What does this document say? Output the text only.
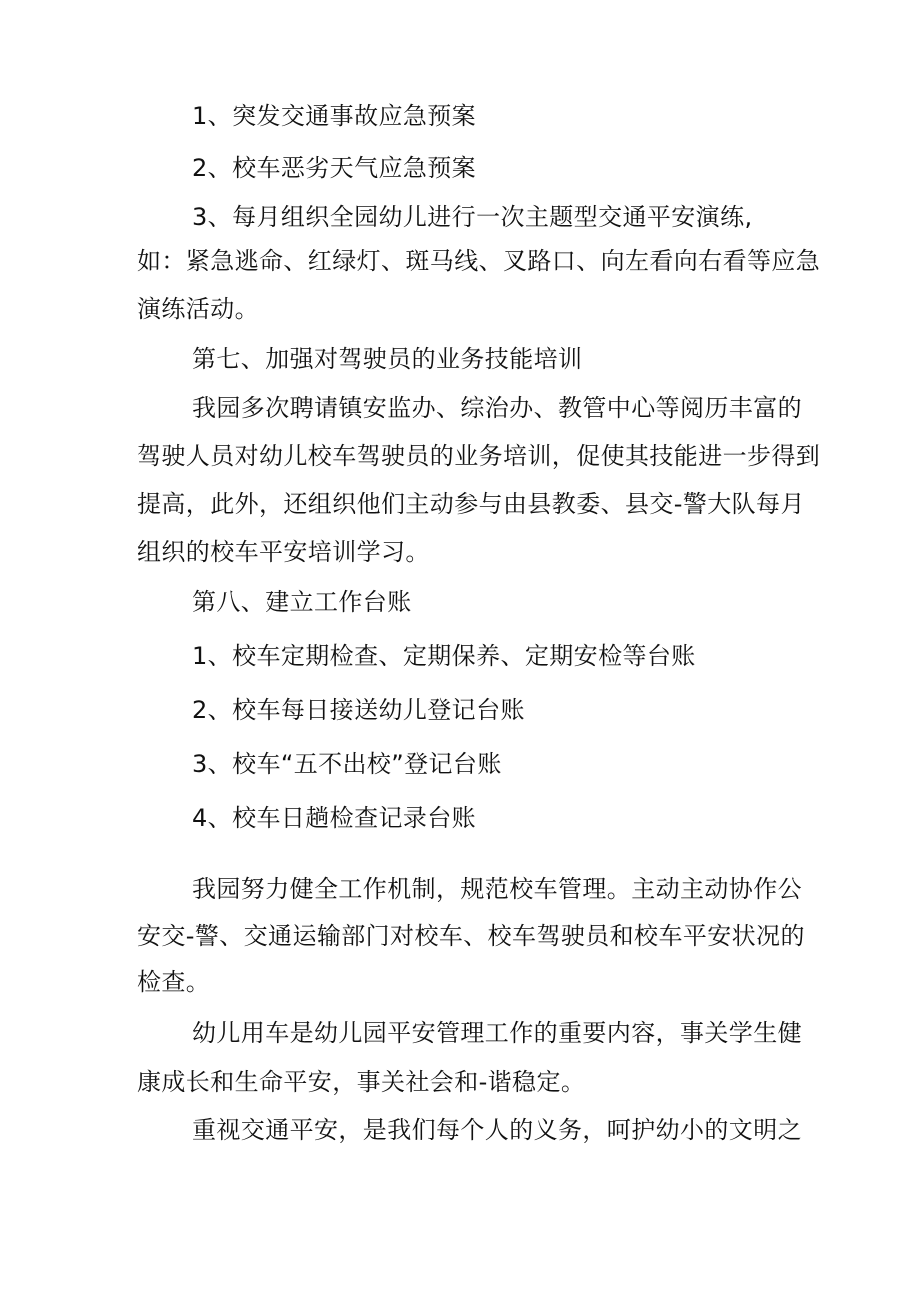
1、突发交通事故应急预案
2、校车恶劣天气应急预案
3、每月组织全园幼儿进行一次主题型交通平安演练,
如：紧急逃命、红绿灯、斑马线、叉路口、向左看向右看等应急
演练活动。
第七、加强对驾驶员的业务技能培训
我园多次聘请镇安监办、综治办、教管中心等阅历丰富的
驾驶人员对幼儿校车驾驶员的业务培训，促使其技能进一步得到
提高，此外，还组织他们主动参与由县教委、县交-警大队每月
组织的校车平安培训学习。
第八、建立工作台账
1、校车定期检查、定期保养、定期安检等台账
2、校车每日接送幼儿登记台账
3、校车“五不出校”登记台账
4、校车日趟检查记录台账
我园努力健全工作机制，规范校车管理。主动主动协作公
安交-警、交通运输部门对校车、校车驾驶员和校车平安状况的
检查。
幼儿用车是幼儿园平安管理工作的重要内容，事关学生健
康成长和生命平安，事关社会和-谐稳定。
重视交通平安，是我们每个人的义务，呵护幼小的文明之
